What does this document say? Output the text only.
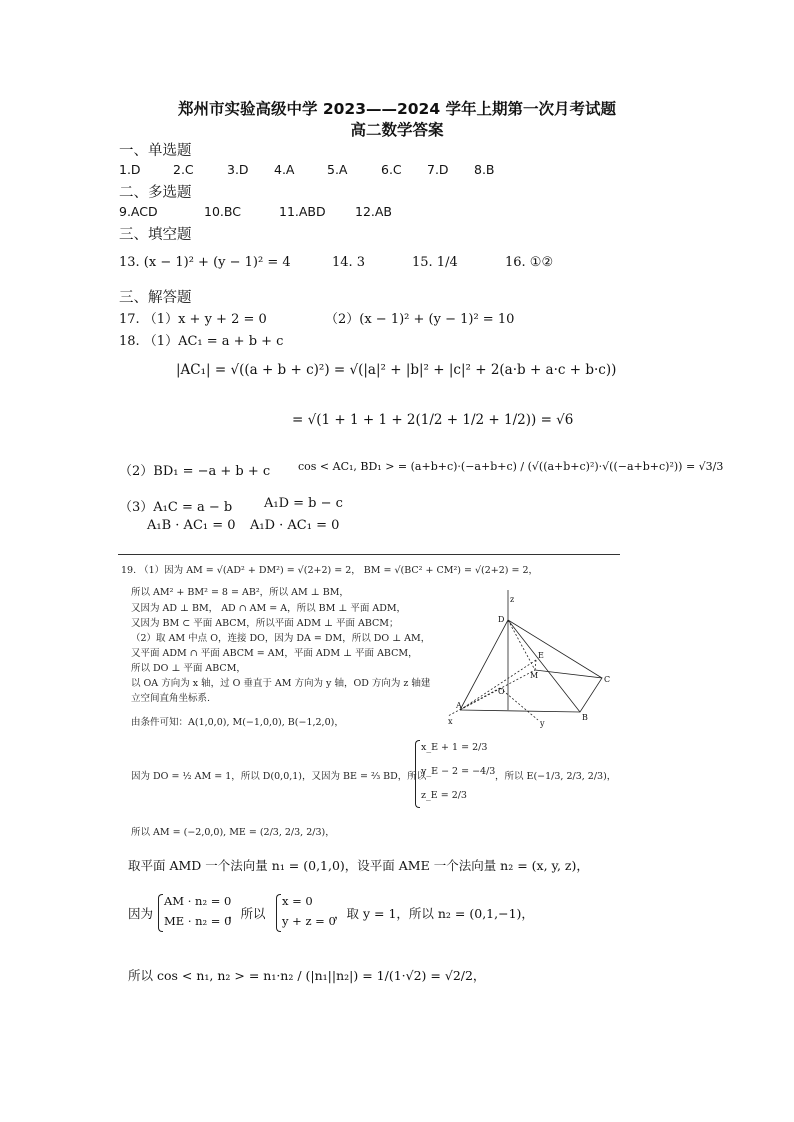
郑州市实验高级中学 2023——2024 学年上期第一次月考试题
高二数学答案
一、单选题
1.D	2.C	3.D 4.A	5.A	6.C 7.D 8.B
二、多选题
9.ACD	10.BC	11.ABD 12.AB
三、填空题
13. (x − 1)² + (y − 1)² = 4	14. 3	15. 1/4	16. ①②
三、解答题
17. （1）x + y + 2 = 0	（2）(x − 1)² + (y − 1)² = 10
18. （1）AC₁ = a + b + c
|AC₁| = √((a + b + c)²) = √(|a|² + |b|² + |c|² + 2(a·b + a·c + b·c))
= √(1 + 1 + 1 + 2(1/2 + 1/2 + 1/2)) = √6
（2）BD₁ = −a + b + c	cos < AC₁, BD₁ > = (a+b+c)·(−a+b+c) / (√((a+b+c)²)·√((−a+b+c)²)) = √3/3
（3）A₁C = a − b A₁D = b − c
A₁B · AC₁ = 0 A₁D · AC₁ = 0
19. （1）因为 AM = √(AD² + DM²) = √(2+2) = 2， BM = √(BC² + CM²) = √(2+2) = 2，
所以 AM² + BM² = 8 = AB²，所以 AM ⊥ BM，
又因为 AD ⊥ BM， AD ∩ AM = A，所以 BM ⊥ 平面 ADM，
又因为 BM ⊂ 平面 ABCM，所以平面 ADM ⊥ 平面 ABCM；
（2）取 AM 中点 O，连接 DO，因为 DA = DM，所以 DO ⊥ AM，
又平面 ADM ∩ 平面 ABCM = AM，平面 ADM ⊥ 平面 ABCM，
所以 DO ⊥ 平面 ABCM，
以 OA 方向为 x 轴，过 O 垂直于 AM 方向为 y 轴，OD 方向为 z 轴建
立空间直角坐标系.
由条件可知：A(1,0,0), M(−1,0,0), B(−1,2,0)，
因为 DO = ½ AM = 1，所以 D(0,0,1)，又因为 BE = ⅔ BD，所以
x_E + 1 = 2/3
y_E − 2 = −4/3
z_E = 2/3
，所以 E(−1/3, 2/3, 2/3)，
所以 AM = (−2,0,0), ME = (2/3, 2/3, 2/3)，
取平面 AMD 一个法向量 n₁ = (0,1,0)，设平面 AME 一个法向量 n₂ = (x, y, z)，
因为
AM · n₂ = 0
ME · n₂ = 0
，所以
x = 0
y + z = 0
，取 y = 1，所以 n₂ = (0,1,−1)，
所以 cos < n₁, n₂ > = n₁·n₂ / (|n₁||n₂|) = 1/(1·√2) = √2/2，
z
D
E
M	C
O
A
x	y
B
